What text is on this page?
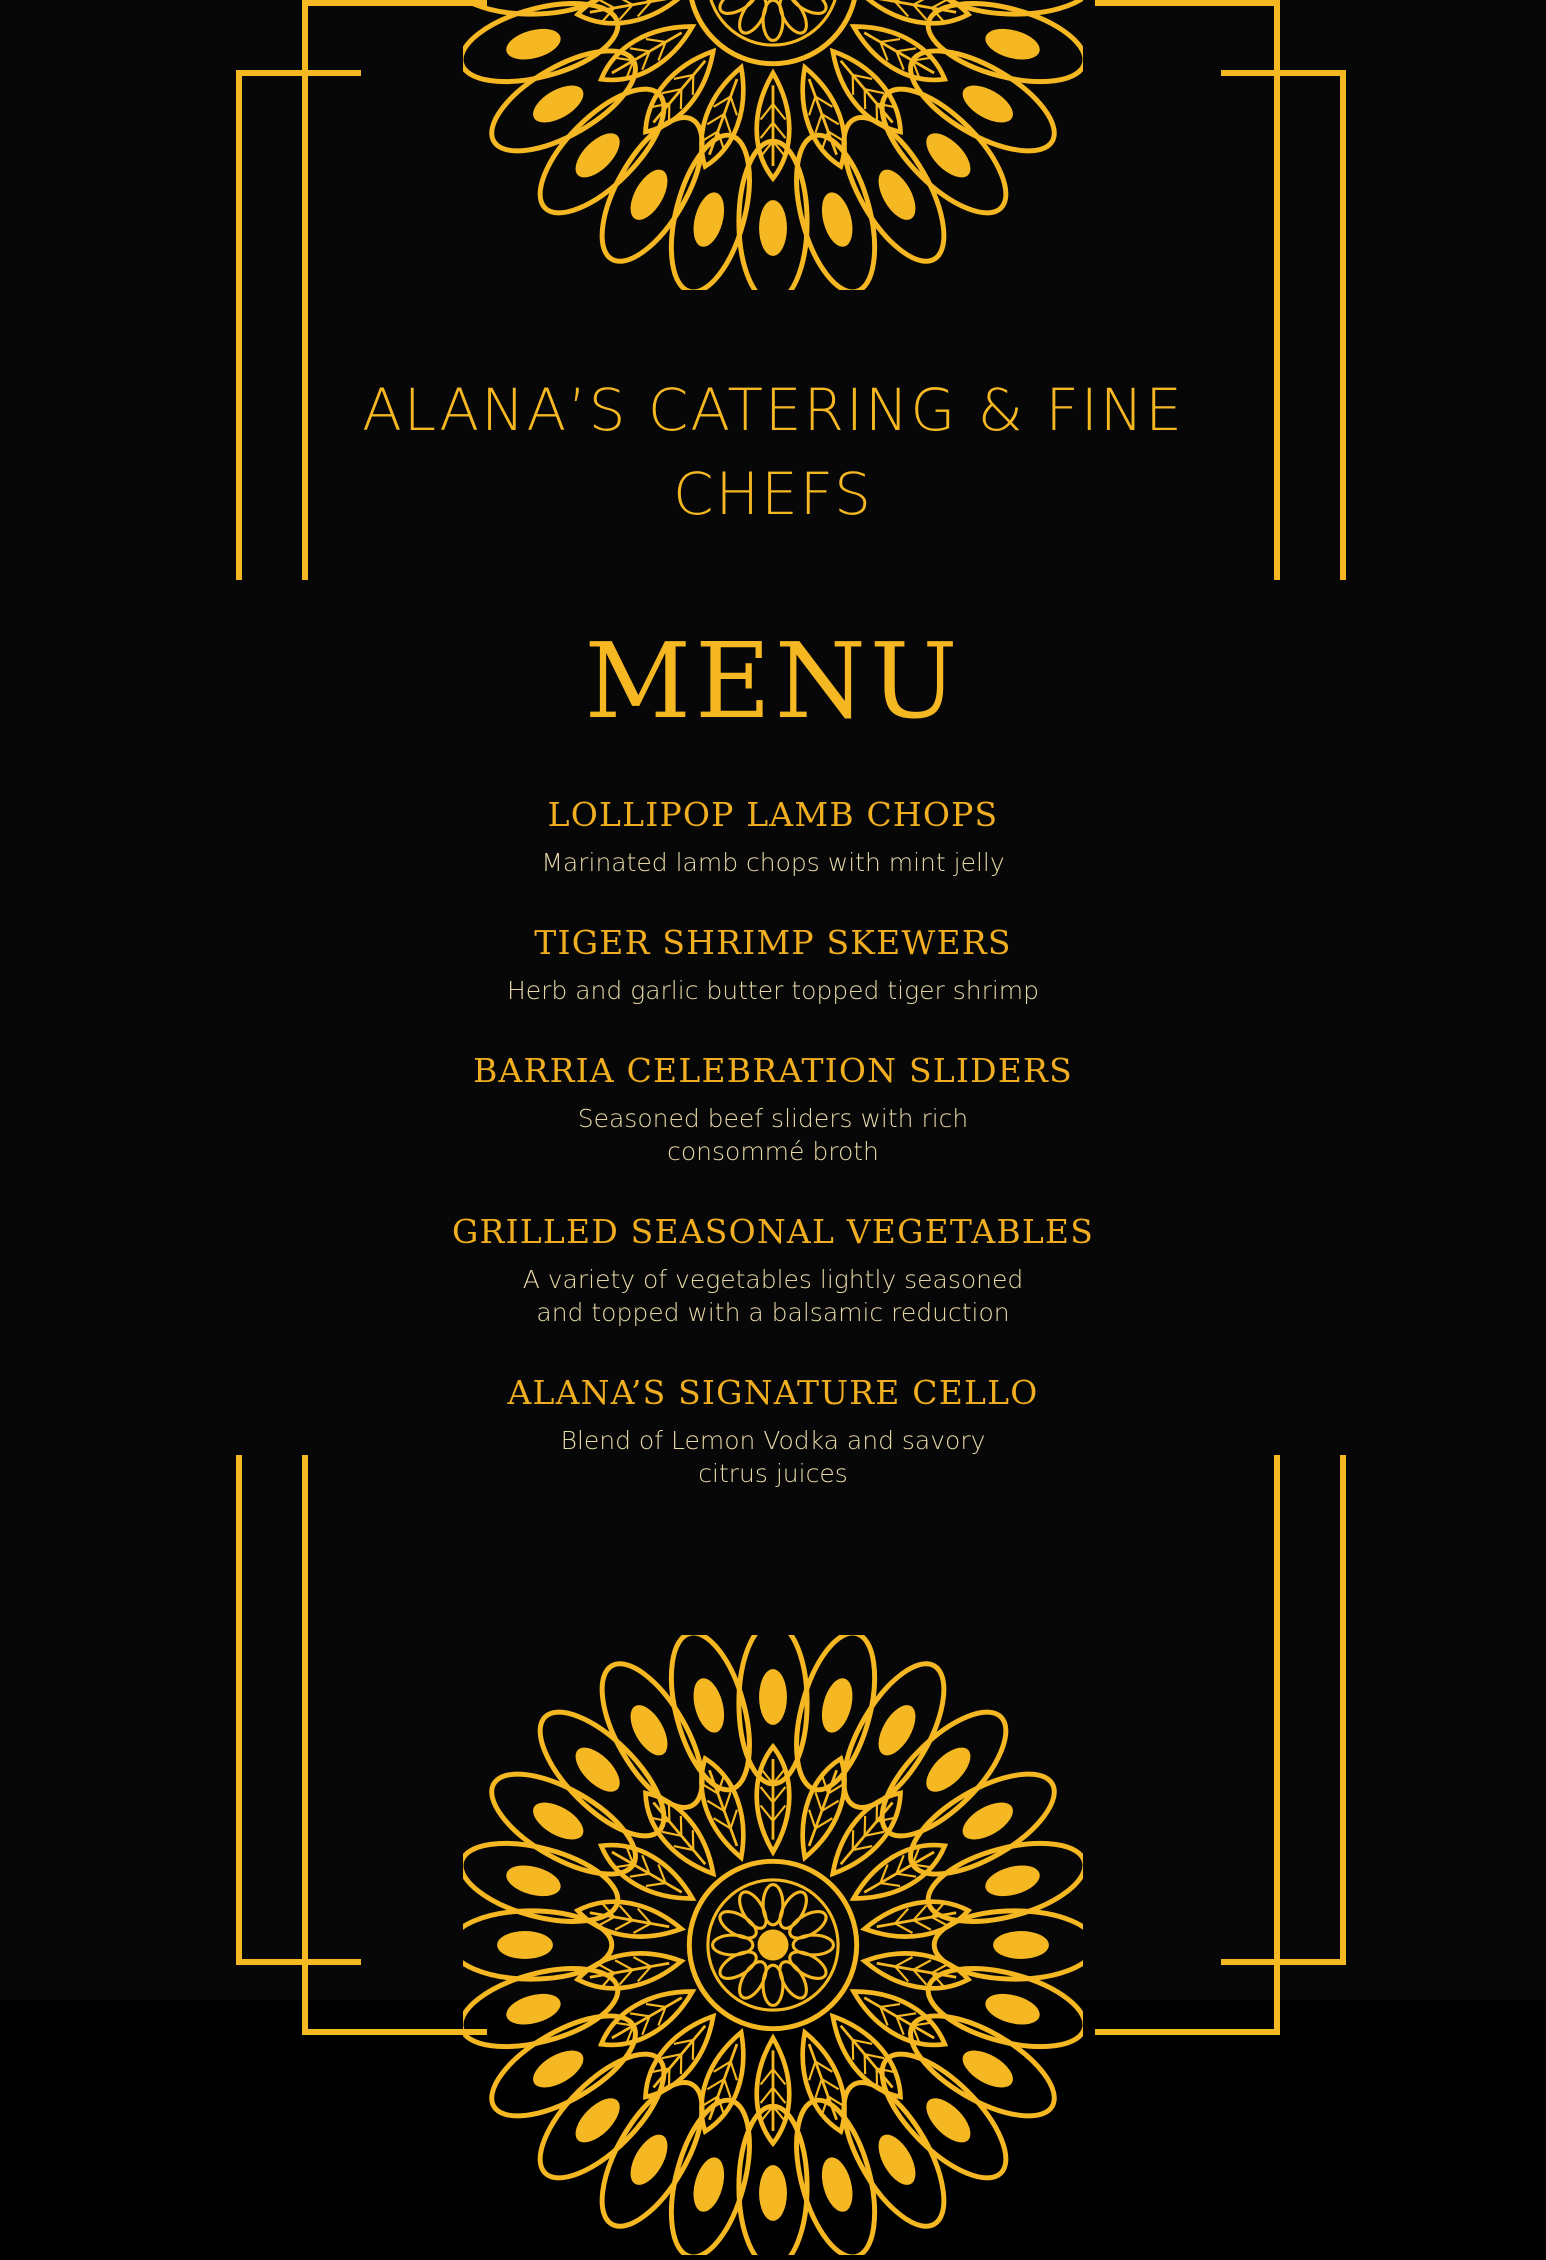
ALANA’S CATERING & FINE
CHEFS
MENU
LOLLIPOP LAMB CHOPS
Marinated lamb chops with mint jelly
TIGER SHRIMP SKEWERS
Herb and garlic butter topped tiger shrimp
BARRIA CELEBRATION SLIDERS
Seasoned beef sliders with rich
consommé broth
GRILLED SEASONAL VEGETABLES
A variety of vegetables lightly seasoned
and topped with a balsamic reduction
ALANA’S SIGNATURE CELLO
Blend of Lemon Vodka and savory
citrus juices
